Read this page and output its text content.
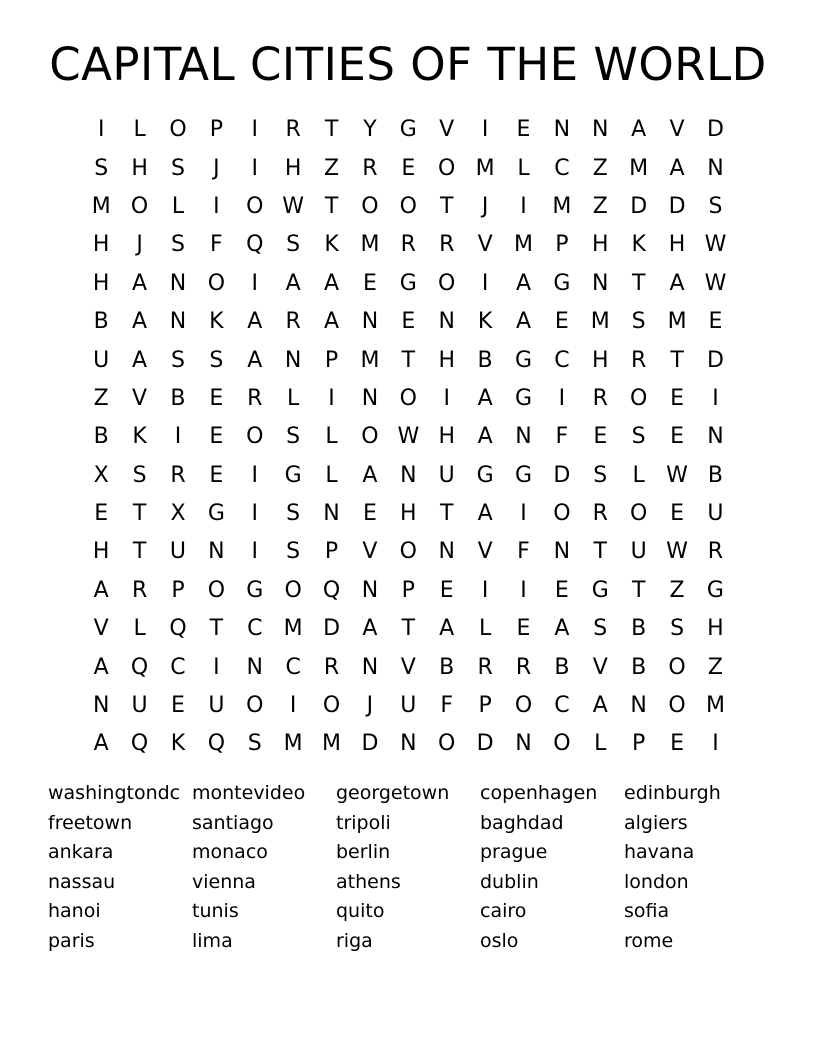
CAPITAL CITIES OF THE WORLD
I	L	O	P	I	R	T	Y	G	V	I	E	N N	A	V	D
S	H	S	J	I	H	Z	R	E	O M	L	C	Z M A	N
M O	L	I	O W T	O O	T	J	I	M Z	D D	S
H	J	S	F	Q	S	K M R	R	V M	P	H	K	H W
H	A	N O	I	A	A	E	G O	I	A	G N	T	A W
B	A	N	K	A	R	A	N	E	N	K	A	E M S M E
U	A	S	S	A	N	P	M	T	H	B	G	C	H	R	T	D
Z	V	B	E	R	L	I	N O	I	A	G	I	R	O	E	I
B	K	I	E	O	S	L	O W H	A	N	F	E	S	E	N
X	S	R	E	I	G	L	A	N	U G G D	S	L W B
E	T	X	G	I	S	N	E	H	T	A	I	O	R	O	E	U
H	T	U	N	I	S	P	V	O N	V	F	N	T	U W R
A	R	P	O G O Q N	P	E	I	I	E	G	T	Z	G
V	L	Q	T	C M D	A	T	A	L	E	A	S	B	S	H
A	Q	C	I	N	C	R	N	V	B	R	R	B	V	B	O	Z
N	U	E	U O	I	O	J	U	F	P	O	C	A	N O M
A	Q	K	Q	S M M D N O D N O	L	P	E	I
washingtondc montevideo	georgetown	copenhagen	edinburgh
freetown	santiago	tripoli	baghdad	algiers
ankara	monaco	berlin	prague	havana
nassau	vienna	athens	dublin	london
hanoi	tunis	quito	cairo	sofia
paris	lima	riga	oslo	rome
